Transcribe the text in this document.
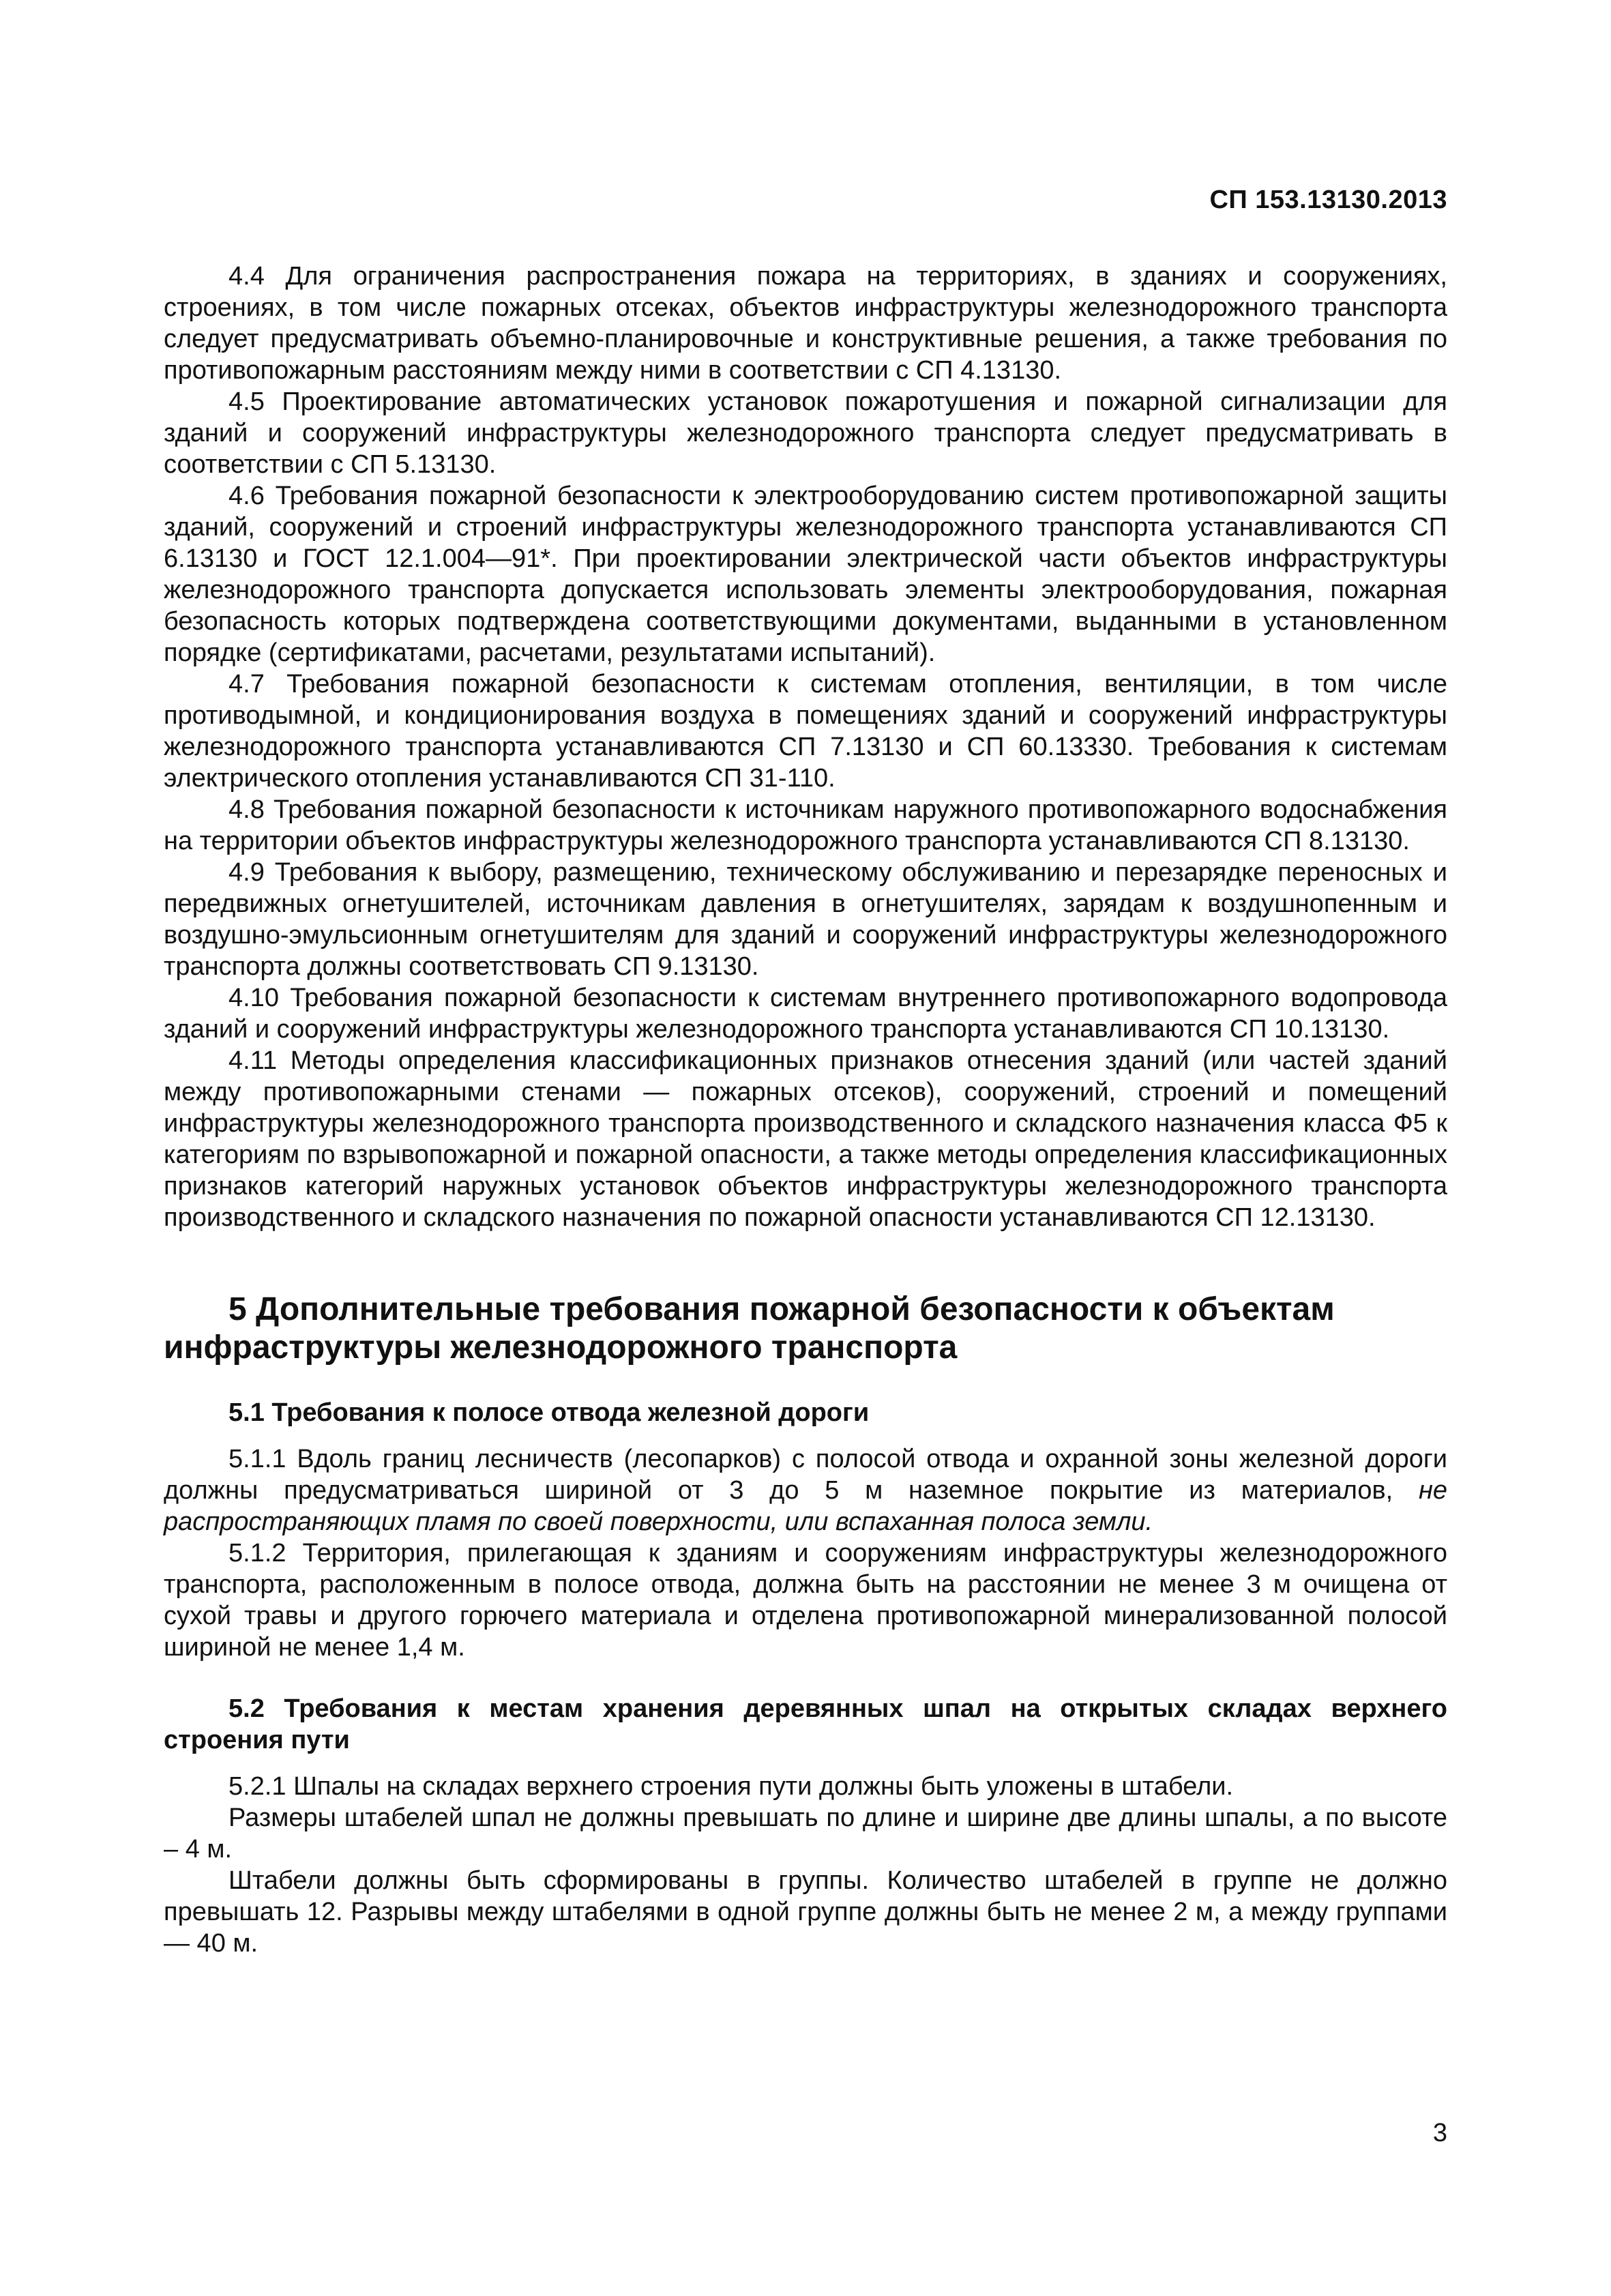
СП 153.13130.2013

4.4 Для ограничения распространения пожара на территориях, в зданиях и сооружениях, строениях, в том числе пожарных отсеках, объектов инфраструктуры железнодорожного транспорта следует предусматривать объемно-планировочные и конструктивные решения, а также требования по противопожарным расстояниям между ними в соответствии с СП 4.13130.

4.5 Проектирование автоматических установок пожаротушения и пожарной сигнализации для зданий и сооружений инфраструктуры железнодорожного транспорта следует предусматривать в соответствии с СП 5.13130.

4.6 Требования пожарной безопасности к электрооборудованию систем противопожарной защиты зданий, сооружений и строений инфраструктуры железнодорожного транспорта устанавливаются СП 6.13130 и ГОСТ 12.1.004—91*. При проектировании электрической части объектов инфраструктуры железнодорожного транспорта допускается использовать элементы электрооборудования, пожарная безопасность которых подтверждена соответствующими документами, выданными в установленном порядке (сертификатами, расчетами, результатами испытаний).

4.7 Требования пожарной безопасности к системам отопления, вентиляции, в том числе противодымной, и кондиционирования воздуха в помещениях зданий и сооружений инфраструктуры железнодорожного транспорта устанавливаются СП 7.13130 и СП 60.13330. Требования к системам электрического отопления устанавливаются СП 31-110.

4.8 Требования пожарной безопасности к источникам наружного противопожарного водоснабжения на территории объектов инфраструктуры железнодорожного транспорта устанавливаются СП 8.13130.

4.9 Требования к выбору, размещению, техническому обслуживанию и перезарядке переносных и передвижных огнетушителей, источникам давления в огнетушителях, зарядам к воздушнопенным и воздушно-эмульсионным огнетушителям для зданий и сооружений инфраструктуры железнодорожного транспорта должны соответствовать СП 9.13130.

4.10 Требования пожарной безопасности к системам внутреннего противопожарного водопровода зданий и сооружений инфраструктуры железнодорожного транспорта устанавливаются СП 10.13130.

4.11 Методы определения классификационных признаков отнесения зданий (или частей зданий между противопожарными стенами — пожарных отсеков), сооружений, строений и помещений инфраструктуры железнодорожного транспорта производственного и складского назначения класса Ф5 к категориям по взрывопожарной и пожарной опасности, а также методы определения классификационных признаков категорий наружных установок объектов инфраструктуры железнодорожного транспорта производственного и складского назначения по пожарной опасности устанавливаются СП 12.13130.

5 Дополнительные требования пожарной безопасности к объектам инфраструктуры железнодорожного транспорта
5.1 Требования к полосе отвода железной дороги

5.1.1 Вдоль границ лесничеств (лесопарков) с полосой отвода и охранной зоны железной дороги должны предусматриваться шириной от 3 до 5 м наземное покрытие из материалов, не распространяющих пламя по своей поверхности, или вспаханная полоса земли.

5.1.2 Территория, прилегающая к зданиям и сооружениям инфраструктуры железнодорожного транспорта, расположенным в полосе отвода, должна быть на расстоянии не менее 3 м очищена от сухой травы и другого горючего материала и отделена противопожарной минерализованной полосой шириной не менее 1,4 м.

5.2 Требования к местам хранения деревянных шпал на открытых складах верхнего строения пути

5.2.1 Шпалы на складах верхнего строения пути должны быть уложены в штабели.

Размеры штабелей шпал не должны превышать по длине и ширине две длины шпалы, а по высоте – 4 м.

Штабели должны быть сформированы в группы. Количество штабелей в группе не должно превышать 12. Разрывы между штабелями в одной группе должны быть не менее 2 м, а между группами — 40 м.

3
